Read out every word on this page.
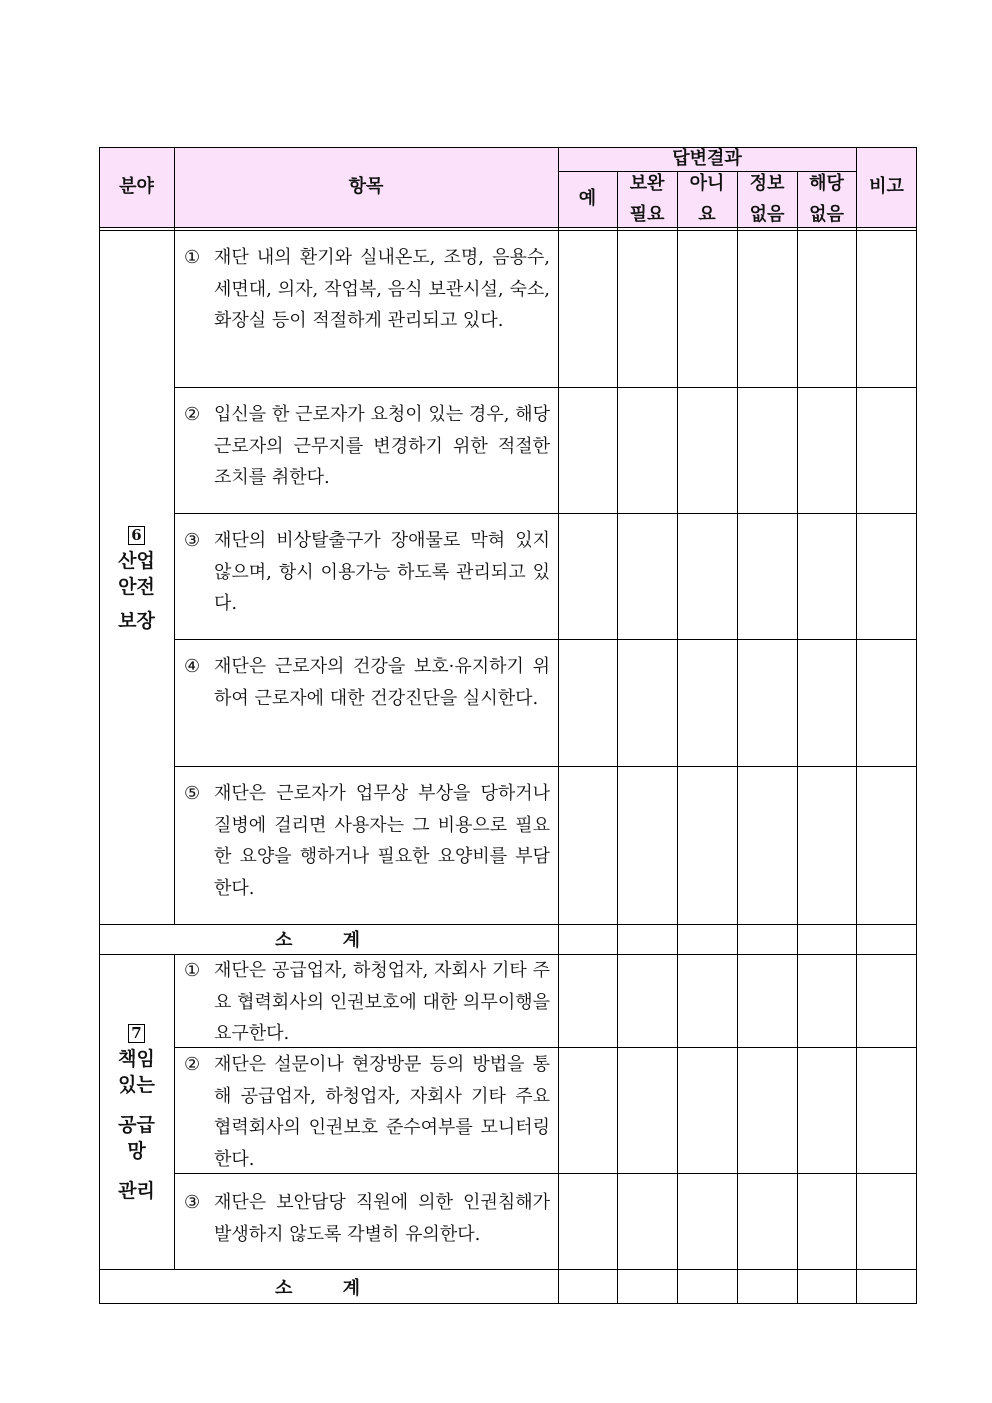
분야	항목
답변결과
예
보완
필요
아니
요
정보
없음
해당
없음
비고
6
산업
안전

보장
① 재단 내의 환기와 실내온도, 조명, 음용수, 세면대, 의자, 작업복, 음식 보관시설, 숙소, 화장실 등이 적절하게 관리되고 있다.
② 입신을 한 근로자가 요청이 있는 경우, 해당 근로자의 근무지를 변경하기 위한 적절한 조치를 취한다.
③ 재단의 비상탈출구가 장애물로 막혀 있지 않으며, 항시 이용가능 하도록 관리되고 있다.
④ 재단은 근로자의 건강을 보호·유지하기 위하여 근로자에 대한 건강진단을 실시한다.
⑤ 재단은 근로자가 업무상 부상을 당하거나 질병에 걸리면 사용자는 그 비용으로 필요한 요양을 행하거나 필요한 요양비를 부담한다.
소 계
7
책임
있는

공급
망

관리
① 재단은 공급업자, 하청업자, 자회사 기타 주요 협력회사의 인권보호에 대한 의무이행을 요구한다.
② 재단은 설문이나 현장방문 등의 방법을 통해 공급업자, 하청업자, 자회사 기타 주요 협력회사의 인권보호 준수여부를 모니터링한다.
③ 재단은 보안담당 직원에 의한 인권침해가 발생하지 않도록 각별히 유의한다.
소 계
